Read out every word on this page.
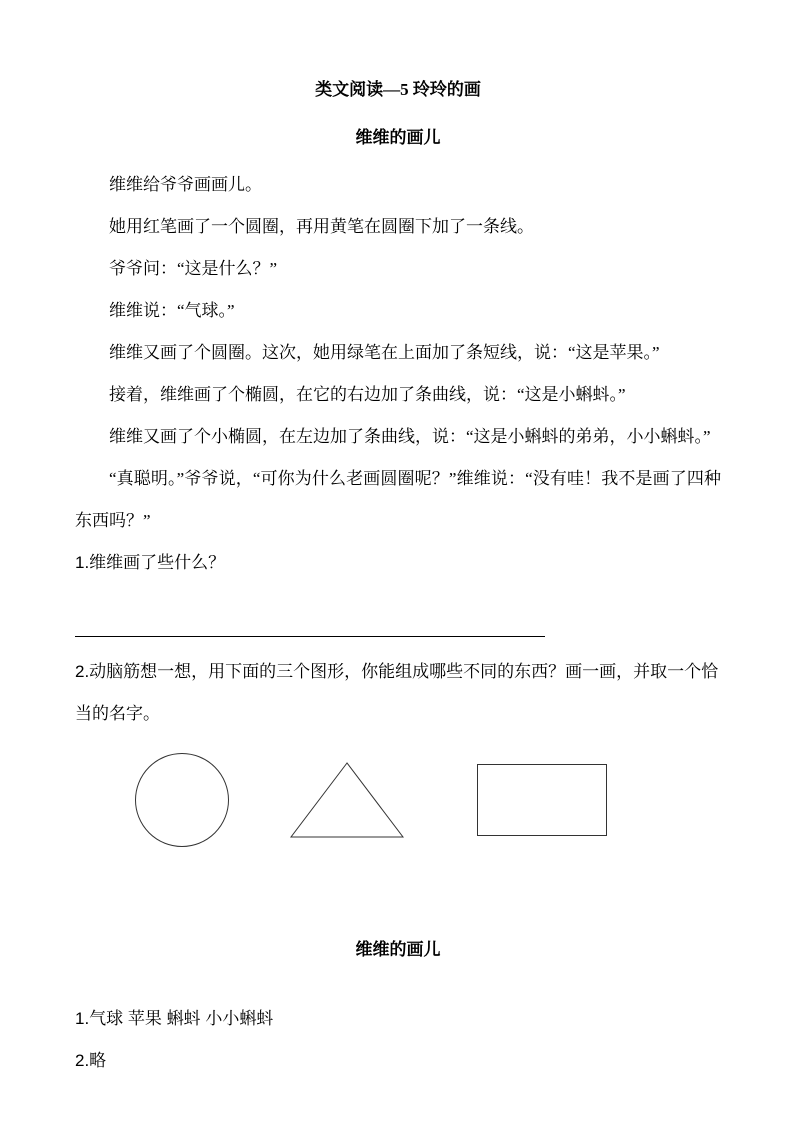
类文阅读—5 玲玲的画
维维的画儿

维维给爷爷画画儿。

她用红笔画了一个圆圈，再用黄笔在圆圈下加了一条线。

爷爷问：“这是什么？”

维维说：“气球。”

维维又画了个圆圈。这次，她用绿笔在上面加了条短线，说：“这是苹果。”

接着，维维画了个椭圆，在它的右边加了条曲线，说：“这是小蝌蚪。”

维维又画了个小椭圆，在左边加了条曲线，说：“这是小蝌蚪的弟弟，小小蝌蚪。”

“真聪明。”爷爷说，“可你为什么老画圆圈呢？”维维说：“没有哇！我不是画了四种东西吗？”

1.维维画了些什么？

2.动脑筋想一想，用下面的三个图形，你能组成哪些不同的东西？画一画，并取一个恰当的名字。

维维的画儿

1.气球 苹果 蝌蚪 小小蝌蚪

2.略
